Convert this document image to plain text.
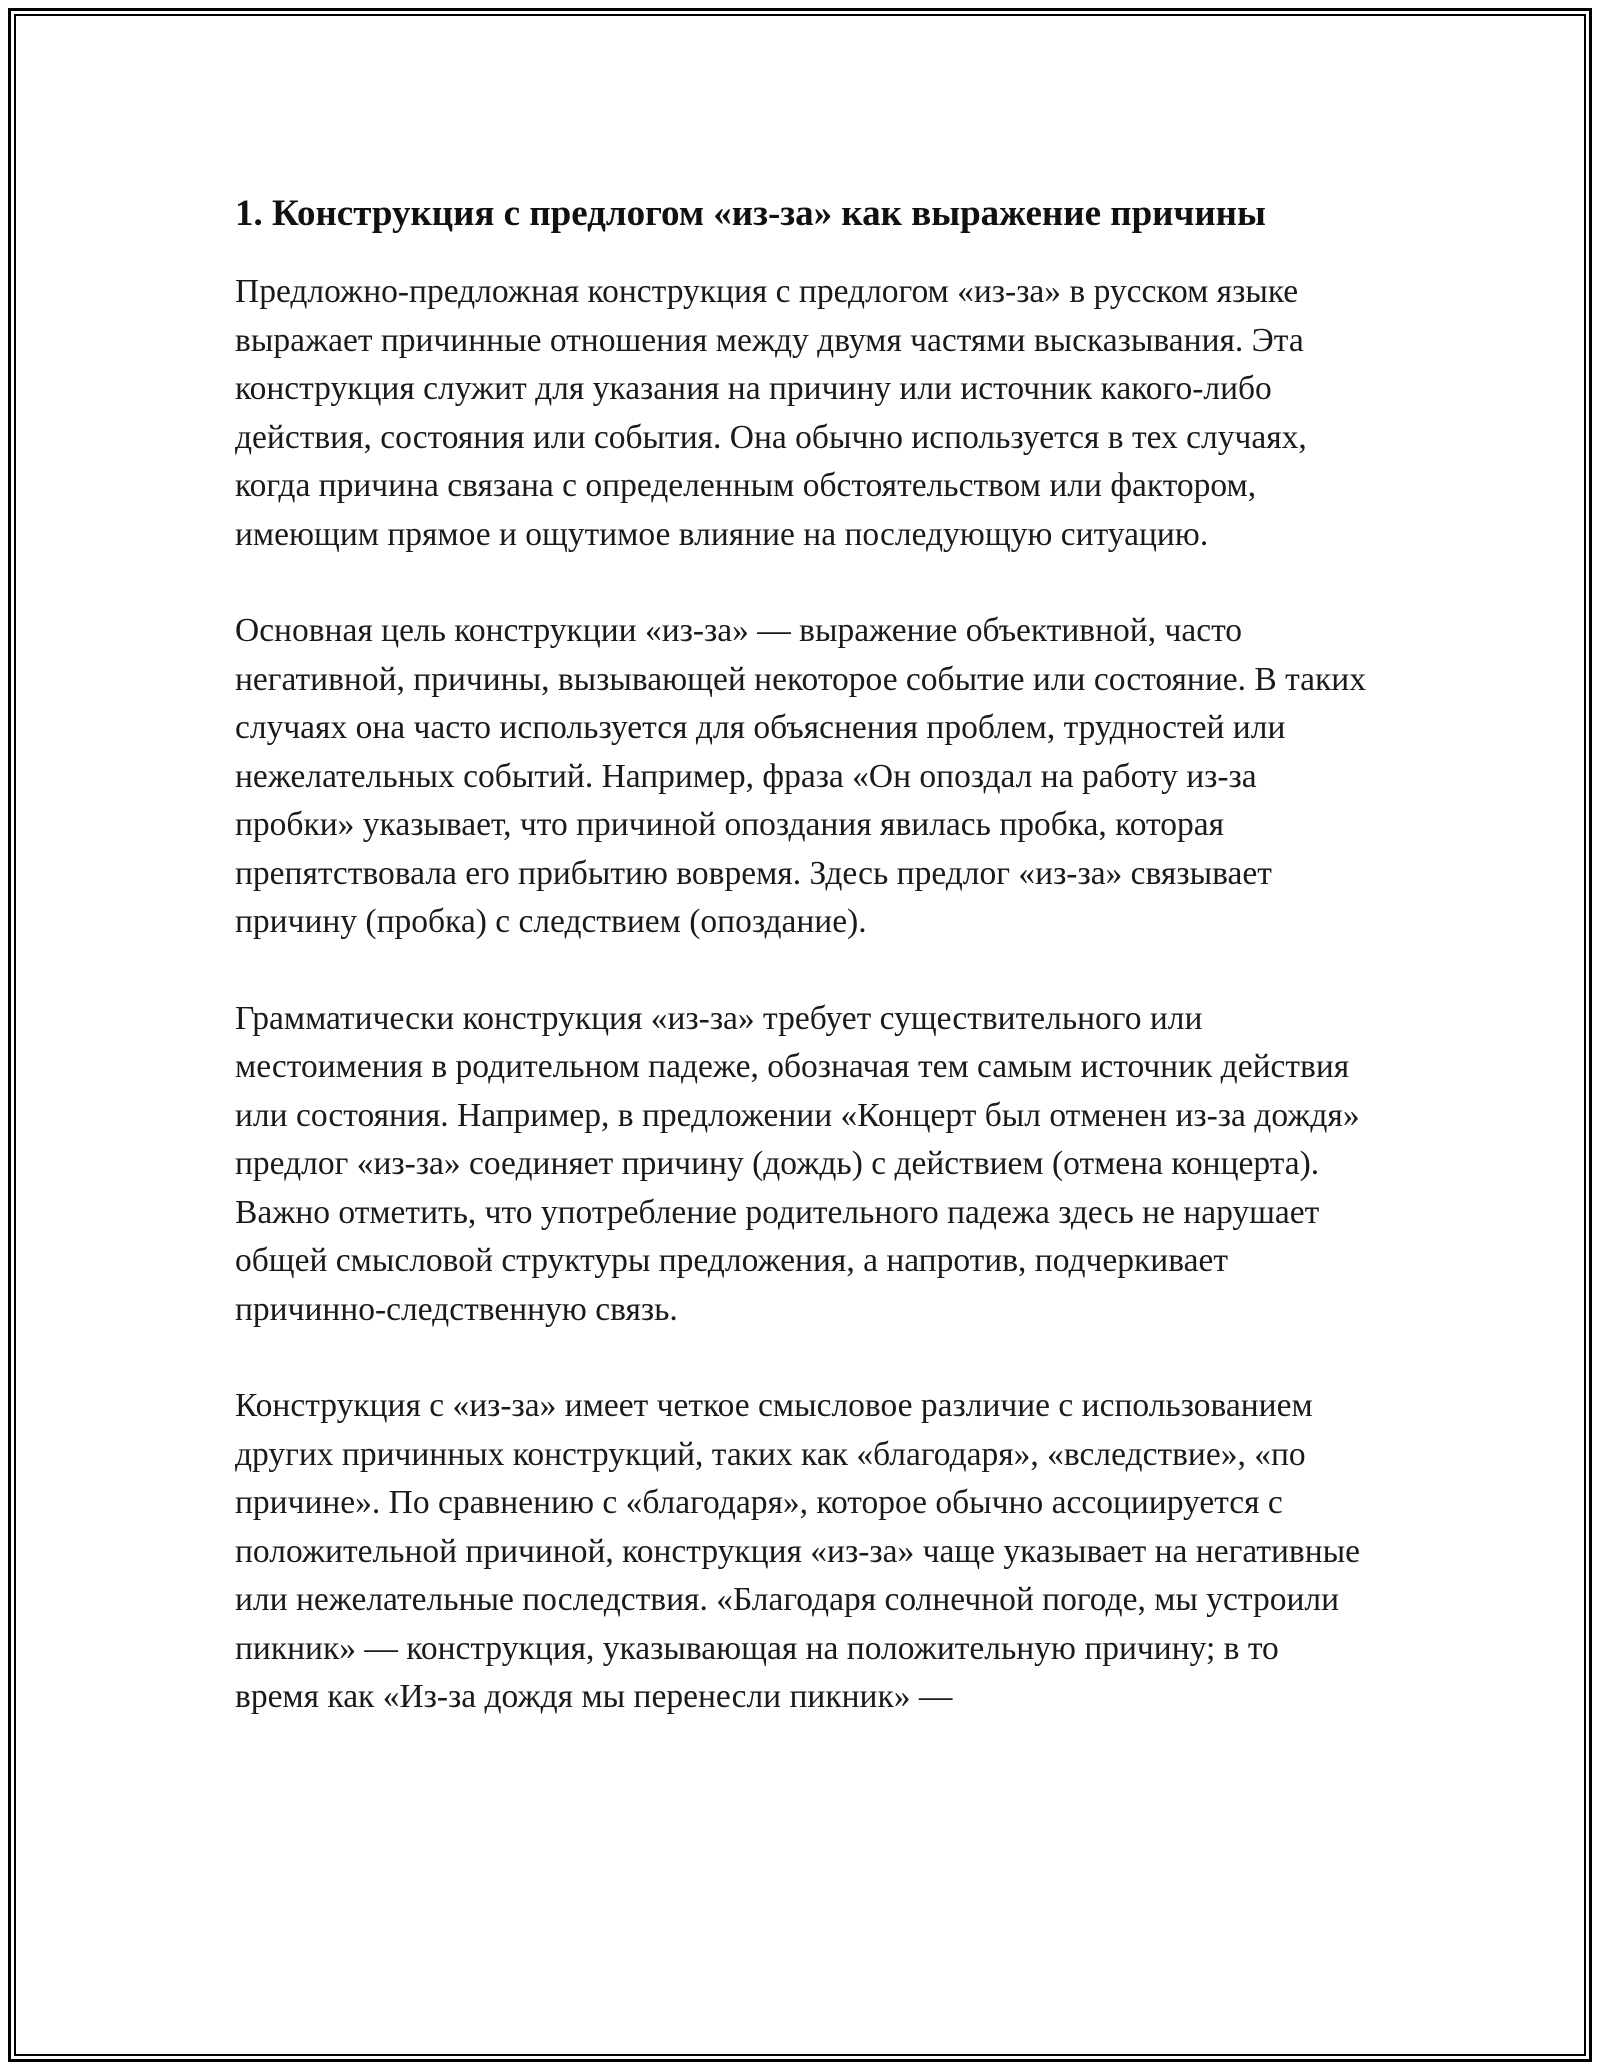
1. Конструкция с предлогом «из-за» как выражение причины

Предложно-предложная конструкция с предлогом «из-за» в русском языке выражает причинные отношения между двумя частями высказывания. Эта конструкция служит для указания на причину или источник какого-либо действия, состояния или события. Она обычно используется в тех случаях, когда причина связана с определенным обстоятельством или фактором, имеющим прямое и ощутимое влияние на последующую ситуацию.

Основная цель конструкции «из-за» — выражение объективной, часто негативной, причины, вызывающей некоторое событие или состояние. В таких случаях она часто используется для объяснения проблем, трудностей или нежелательных событий. Например, фраза «Он опоздал на работу из-за пробки» указывает, что причиной опоздания явилась пробка, которая препятствовала его прибытию вовремя. Здесь предлог «из-за» связывает причину (пробка) с следствием (опоздание).

Грамматически конструкция «из-за» требует существительного или местоимения в родительном падеже, обозначая тем самым источник действия или состояния. Например, в предложении «Концерт был отменен из-за дождя» предлог «из-за» соединяет причину (дождь) с действием (отмена концерта). Важно отметить, что употребление родительного падежа здесь не нарушает общей смысловой структуры предложения, а напротив, подчеркивает причинно-следственную связь.

Конструкция с «из-за» имеет четкое смысловое различие с использованием других причинных конструкций, таких как «благодаря», «вследствие», «по причине». По сравнению с «благодаря», которое обычно ассоциируется с положительной причиной, конструкция «из-за» чаще указывает на негативные или нежелательные последствия. «Благодаря солнечной погоде, мы устроили пикник» — конструкция, указывающая на положительную причину; в то время как «Из-за дождя мы перенесли пикник» —
